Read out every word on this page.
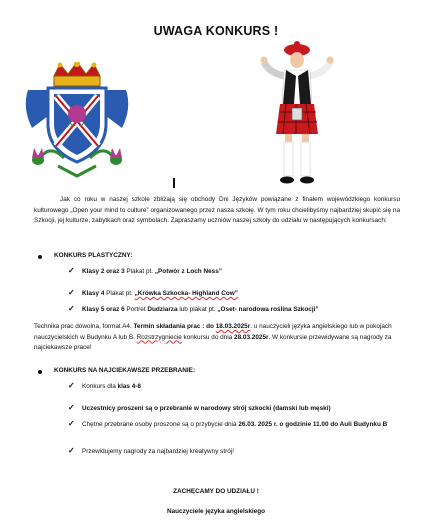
UWAGA KONKURS !
Jak co roku w naszej szkole zbliżają się obchody Dni Języków powiązane z finałem wojewódzkiego konkursu kulturowego „Open your mind to culture” organizowanego przez nasza szkołę. W tym roku chcielibyśmy najbardziej skupić się na Szkocji, jej kulturze, zabytkach oraz symbolach. Zapraszamy uczniów naszej szkoły do udziału w następujących konkursach:
KONKURS PLASTYCZNY:
✓ Klasy 2 oraz 3 Plakat pt. „Potwór z Loch Ness”
✓ Klasy 4 Plakat pt. „Krówka Szkocka- Highland Cow”
✓ Klasy 5 oraz 6 Portret Dudziarza lub plakat pt. „Oset- narodowa roślina Szkocji”
Technika prac dowolna, format A4. Termin składania prac : do 18.03.2025r. u nauczycieli języka angielskiego lub w pokojach nauczycielskich w Budynku A lub B. Rozstrzygniecie konkursu do dnia 28.03.2025r. W konkursie przewidywane są nagrody za najciekawsze prace!
KONKURS NA NAJCIEKAWSZE PRZEBRANIE:
✓ Konkurs dla klas 4-8
✓ Uczestnicy proszeni są o przebranie w narodowy strój szkocki (damski lub męski)
✓ Chętne przebrane osoby proszone są o przybycie dnia 26.03. 2025 r. o godzinie 11.00 do Auli Budynku B
✓ Przewidujemy nagrody za najbardziej kreatywny strój!
ZACHĘCAMY DO UDZIAŁU !
Nauczyciele języka angielskiego
